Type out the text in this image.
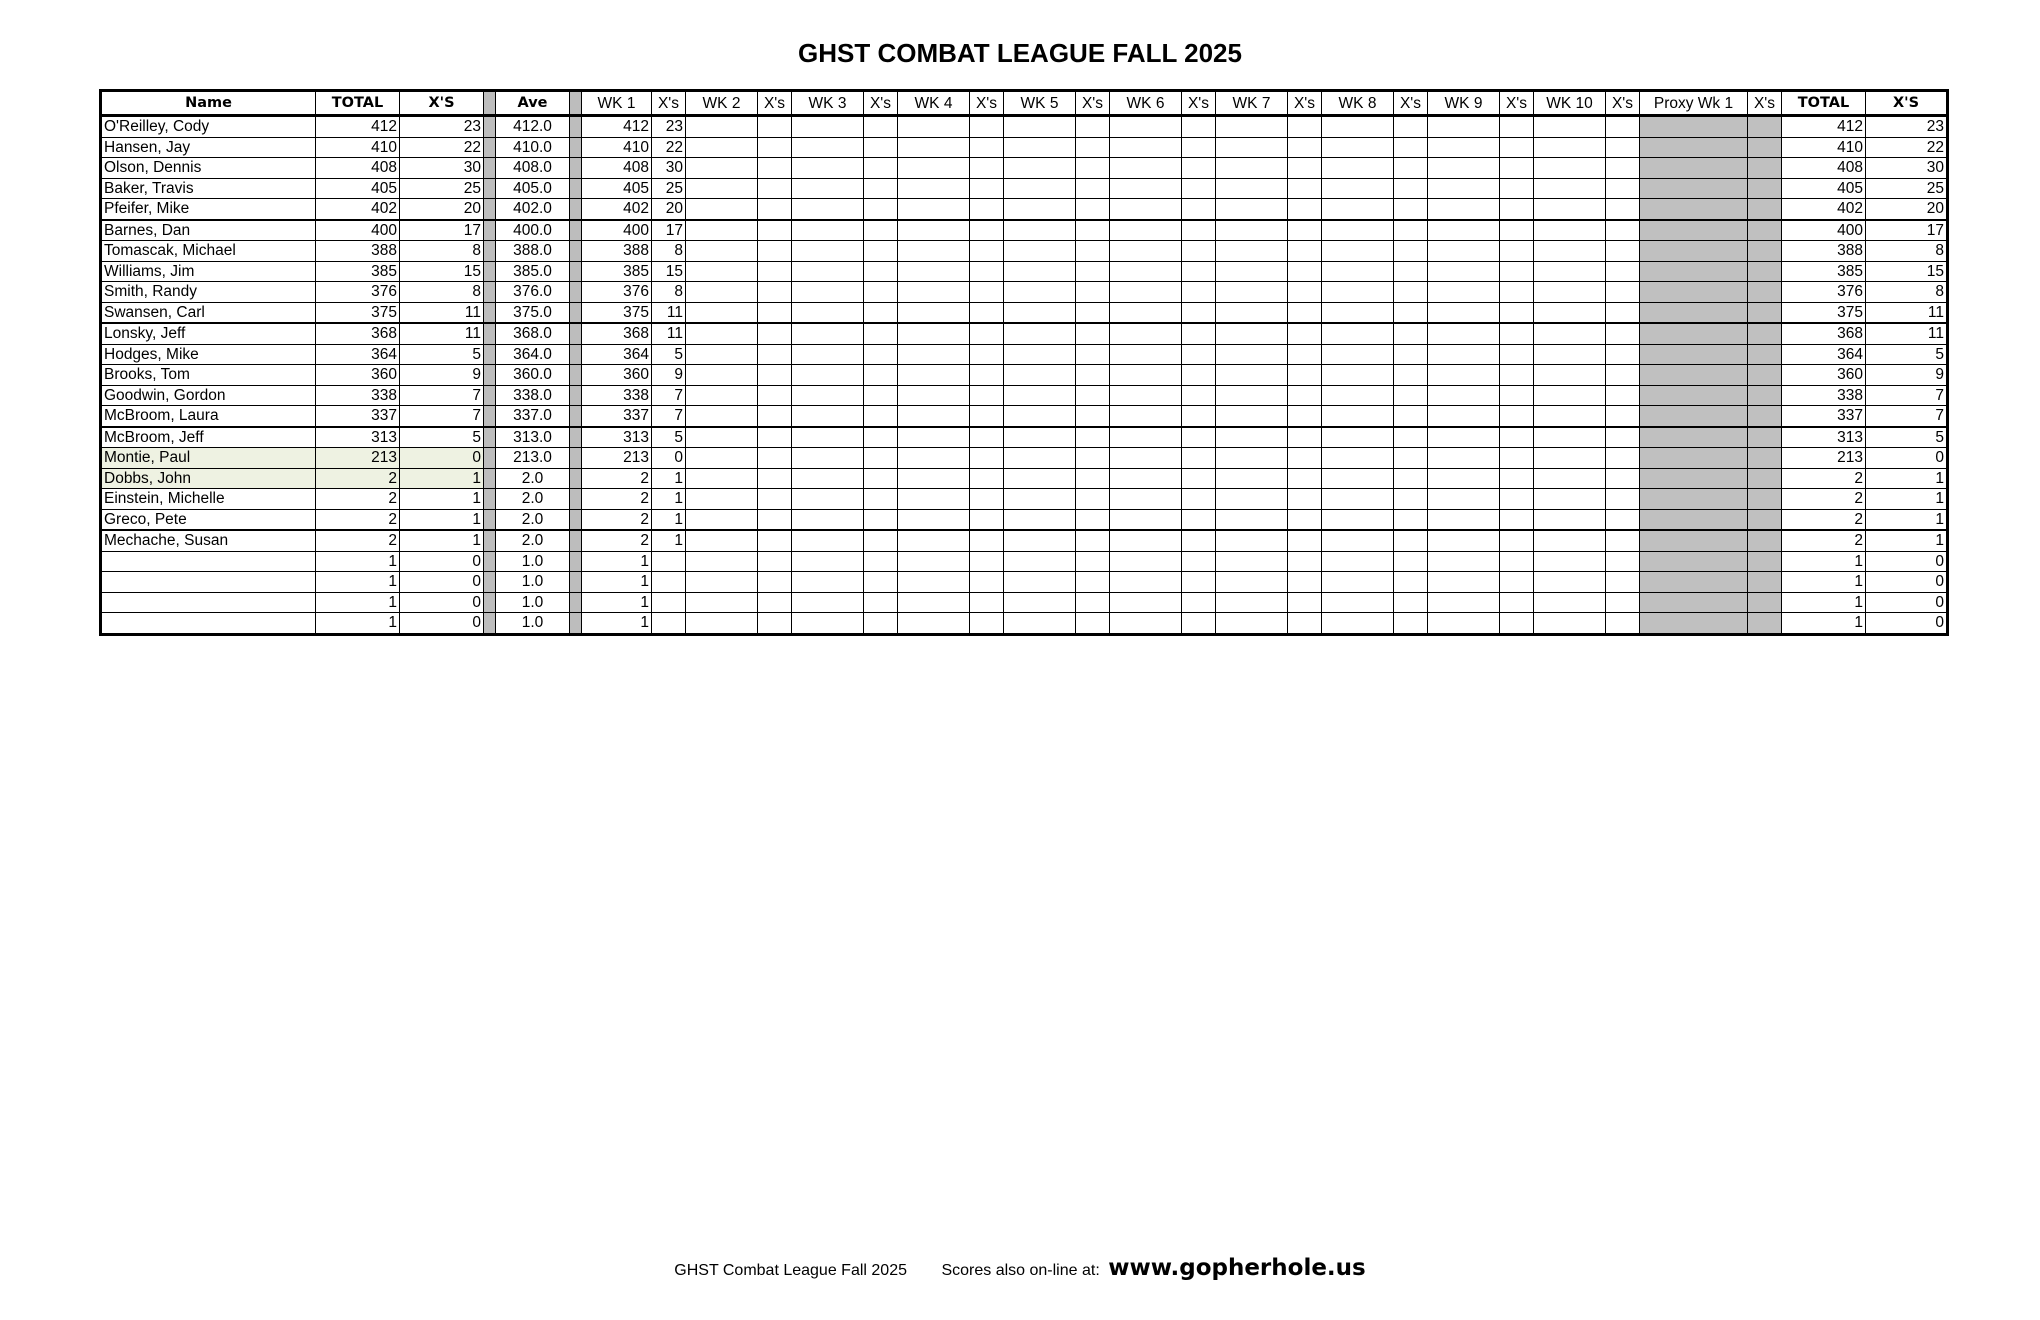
GHST COMBAT LEAGUE FALL 2025
Name	TOTAL	X'S		Ave		WK 1	X's	WK 2	X's	WK 3	X's	WK 4	X's	WK 5	X's	WK 6	X's	WK 7	X's	WK 8	X's	WK 9	X's	WK 10	X's	Proxy Wk 1	X's	TOTAL	X'S
O'Reilley, Cody	412	23		412.0		412	23																					412	23
Hansen, Jay	410	22		410.0		410	22																					410	22
Olson, Dennis	408	30		408.0		408	30																					408	30
Baker, Travis	405	25		405.0		405	25																					405	25
Pfeifer, Mike	402	20		402.0		402	20																					402	20
Barnes, Dan	400	17		400.0		400	17																					400	17
Tomascak, Michael	388	8		388.0		388	8																					388	8
Williams, Jim	385	15		385.0		385	15																					385	15
Smith, Randy	376	8		376.0		376	8																					376	8
Swansen, Carl	375	11		375.0		375	11																					375	11
Lonsky, Jeff	368	11		368.0		368	11																					368	11
Hodges, Mike	364	5		364.0		364	5																					364	5
Brooks, Tom	360	9		360.0		360	9																					360	9
Goodwin, Gordon	338	7		338.0		338	7																					338	7
McBroom, Laura	337	7		337.0		337	7																					337	7
McBroom, Jeff	313	5		313.0		313	5																					313	5
Montie, Paul	213	0		213.0		213	0																					213	0
Dobbs, John	2	1		2.0		2	1																					2	1
Einstein, Michelle	2	1		2.0		2	1																					2	1
Greco, Pete	2	1		2.0		2	1																					2	1
Mechache, Susan	2	1		2.0		2	1																					2	1
	1	0		1.0		1																						1	0
	1	0		1.0		1																						1	0
	1	0		1.0		1																						1	0
	1	0		1.0		1																						1	0
GHST Combat League Fall 2025 Scores also on-line at: www.gopherhole.us
